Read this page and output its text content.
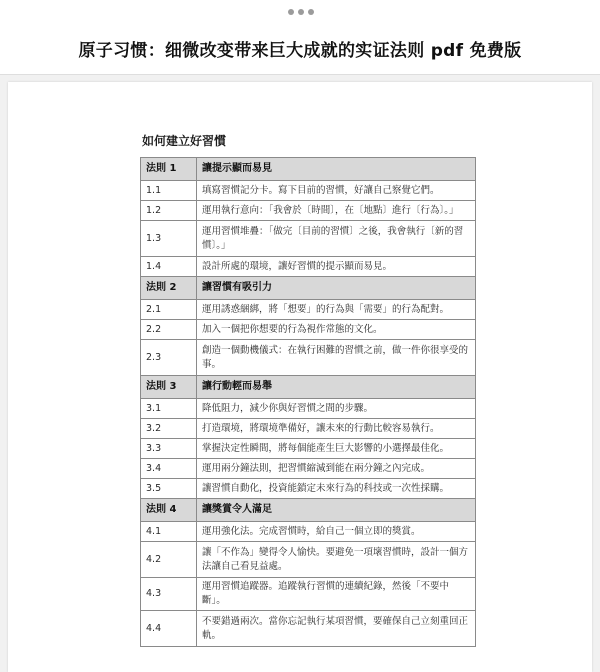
原子习惯：细微改变带来巨大成就的实证法则 pdf 免费版
如何建立好習慣
法則 1	讓提示顯而易見
1.1	填寫習慣記分卡。寫下目前的習慣，好讓自己察覺它們。
1.2	運用執行意向：「我會於〔時間〕，在〔地點〕進行〔行為〕。」
1.3	運用習慣堆疊：「做完〔目前的習慣〕之後，我會執行〔新的習慣〕。」
1.4	設計所處的環境，讓好習慣的提示顯而易見。
法則 2	讓習慣有吸引力
2.1	運用誘惑綑綁，將「想要」的行為與「需要」的行為配對。
2.2	加入一個把你想要的行為視作常態的文化。
2.3	創造一個動機儀式：在執行困難的習慣之前，做一件你很享受的事。
法則 3	讓行動輕而易舉
3.1	降低阻力，減少你與好習慣之間的步驟。
3.2	打造環境，將環境準備好，讓未來的行動比較容易執行。
3.3	掌握決定性瞬間，將每個能產生巨大影響的小選擇最佳化。
3.4	運用兩分鐘法則，把習慣縮減到能在兩分鐘之內完成。
3.5	讓習慣自動化，投資能鎖定未來行為的科技或一次性採購。
法則 4	讓獎賞令人滿足
4.1	運用強化法。完成習慣時，給自己一個立即的獎賞。
4.2	讓「不作為」變得令人愉快。要避免一項壞習慣時，設計一個方法讓自己看見益處。
4.3	運用習慣追蹤器。追蹤執行習慣的連續紀錄，然後「不要中斷」。
4.4	不要錯過兩次。當你忘記執行某項習慣，要確保自己立刻重回正軌。
